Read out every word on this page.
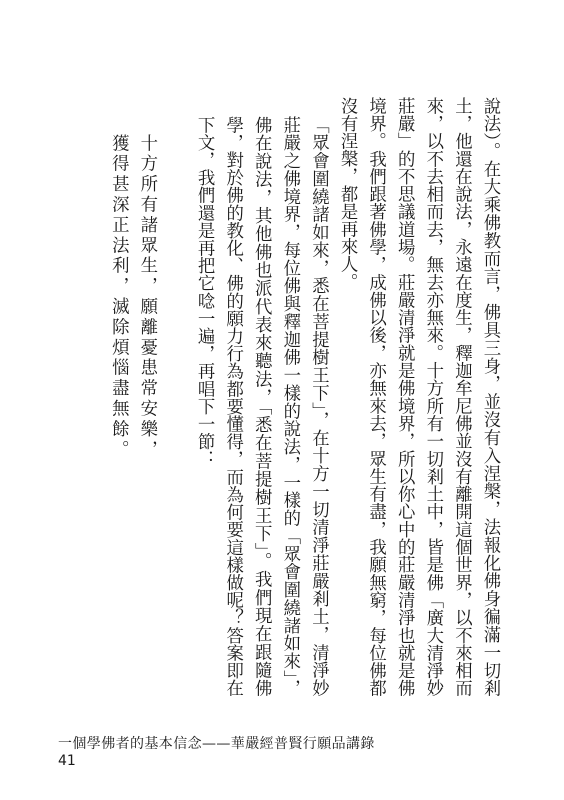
說法）。在大乘佛教而言，佛具三身，並沒有入涅槃，法報化佛身徧滿一切剎土，他還在說法，永遠在度生，釋迦牟尼佛並沒有離開這個世界，以不來相而來，以不去相而去，無去亦無來。十方所有一切剎土中，皆是佛「廣大清淨妙莊嚴」的不思議道場。莊嚴清淨就是佛境界，所以你心中的莊嚴清淨也就是佛境界。我們跟著佛學，成佛以後，亦無來去，眾生有盡，我願無窮，每位佛都沒有涅槃，都是再來人。

「眾會圍繞諸如來，悉在菩提樹王下」，在十方一切清淨莊嚴剎土，清淨妙莊嚴之佛境界，每位佛與釋迦佛一樣的說法，一樣的「眾會圍繞諸如來」，佛在說法，其他佛也派代表來聽法，「悉在菩提樹王下」。我們現在跟隨佛學，對於佛的教化、佛的願力行為都要懂得，而為何要這樣做呢？答案即在下文，我們還是再把它唸一遍，再唱下一節：

十方所有諸眾生，願離憂患常安樂，

獲得甚深正法利，滅除煩惱盡無餘。

一個學佛者的基本信念——華嚴經普賢行願品講錄
41
